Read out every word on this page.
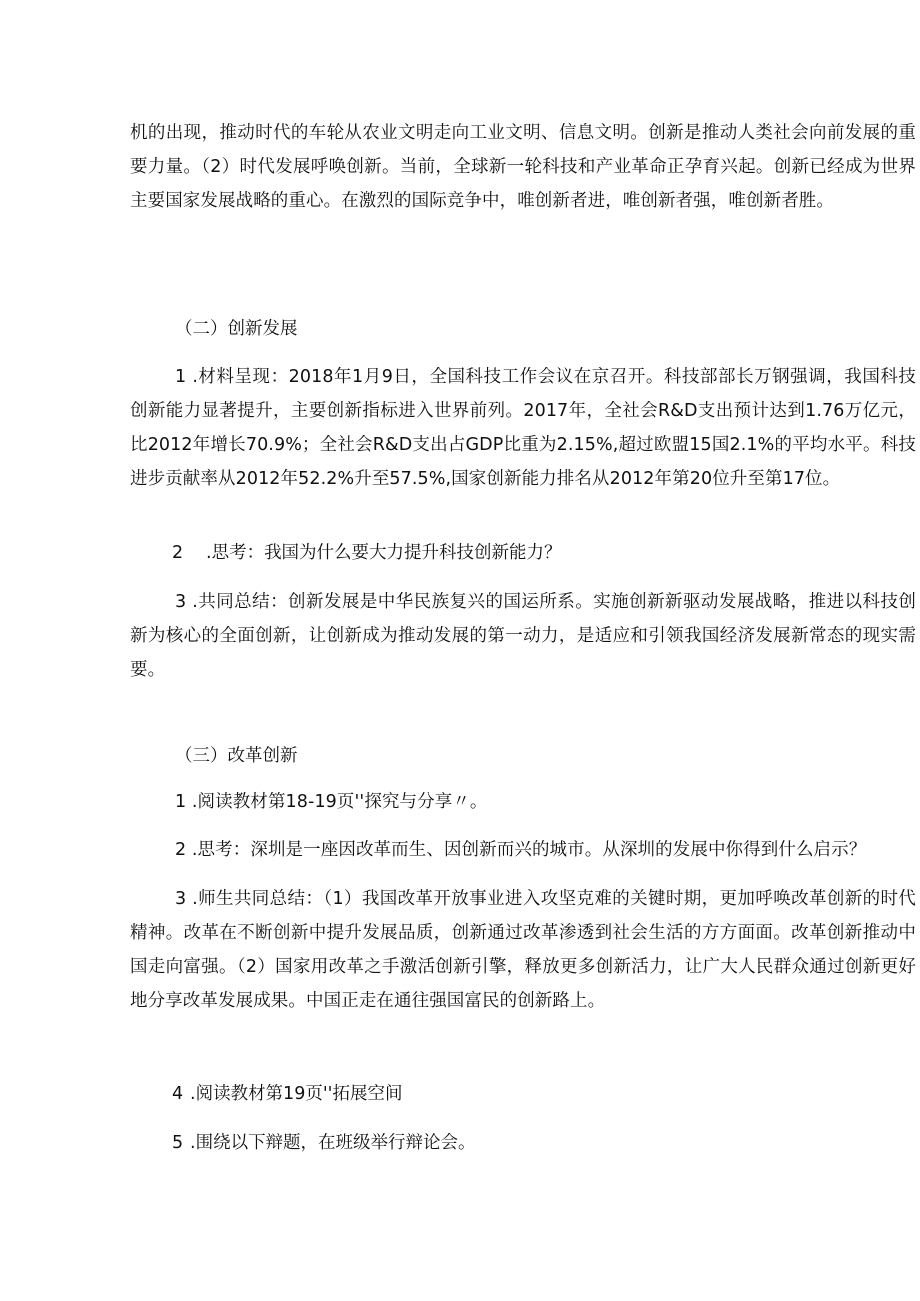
机的出现，推动时代的车轮从农业文明走向工业文明、信息文明。创新是推动人类社会向前发展的重要力量。（2）时代发展呼唤创新。当前，全球新一轮科技和产业革命正孕育兴起。创新已经成为世界主要国家发展战略的重心。在激烈的国际竞争中，唯创新者进，唯创新者强，唯创新者胜。

（二）创新发展

1 .材料呈现：2018年1月9日，全国科技工作会议在京召开。科技部部长万钢强调，我国科技创新能力显著提升，主要创新指标进入世界前列。2017年，全社会R&D支出预计达到1.76万亿元，比2012年增长70.9%；全社会R&D支出占GDP比重为2.15%,超过欧盟15国2.1%的平均水平。科技进步贡献率从2012年52.2%升至57.5%,国家创新能力排名从2012年第20位升至第17位。

2 .思考：我国为什么要大力提升科技创新能力？

3 .共同总结：创新发展是中华民族复兴的国运所系。实施创新新驱动发展战略，推进以科技创新为核心的全面创新，让创新成为推动发展的第一动力，是适应和引领我国经济发展新常态的现实需要。

（三）改革创新

1 .阅读教材第18-19页''探究与分享〃。

2 .思考：深圳是一座因改革而生、因创新而兴的城市。从深圳的发展中你得到什么启示？

3 .师生共同总结：（1）我国改革开放事业进入攻坚克难的关键时期，更加呼唤改革创新的时代精神。改革在不断创新中提升发展品质，创新通过改革渗透到社会生活的方方面面。改革创新推动中国走向富强。（2）国家用改革之手激活创新引擎，释放更多创新活力，让广大人民群众通过创新更好地分享改革发展成果。中国正走在通往强国富民的创新路上。

4 .阅读教材第19页''拓展空间

5 .围绕以下辩题，在班级举行辩论会。
